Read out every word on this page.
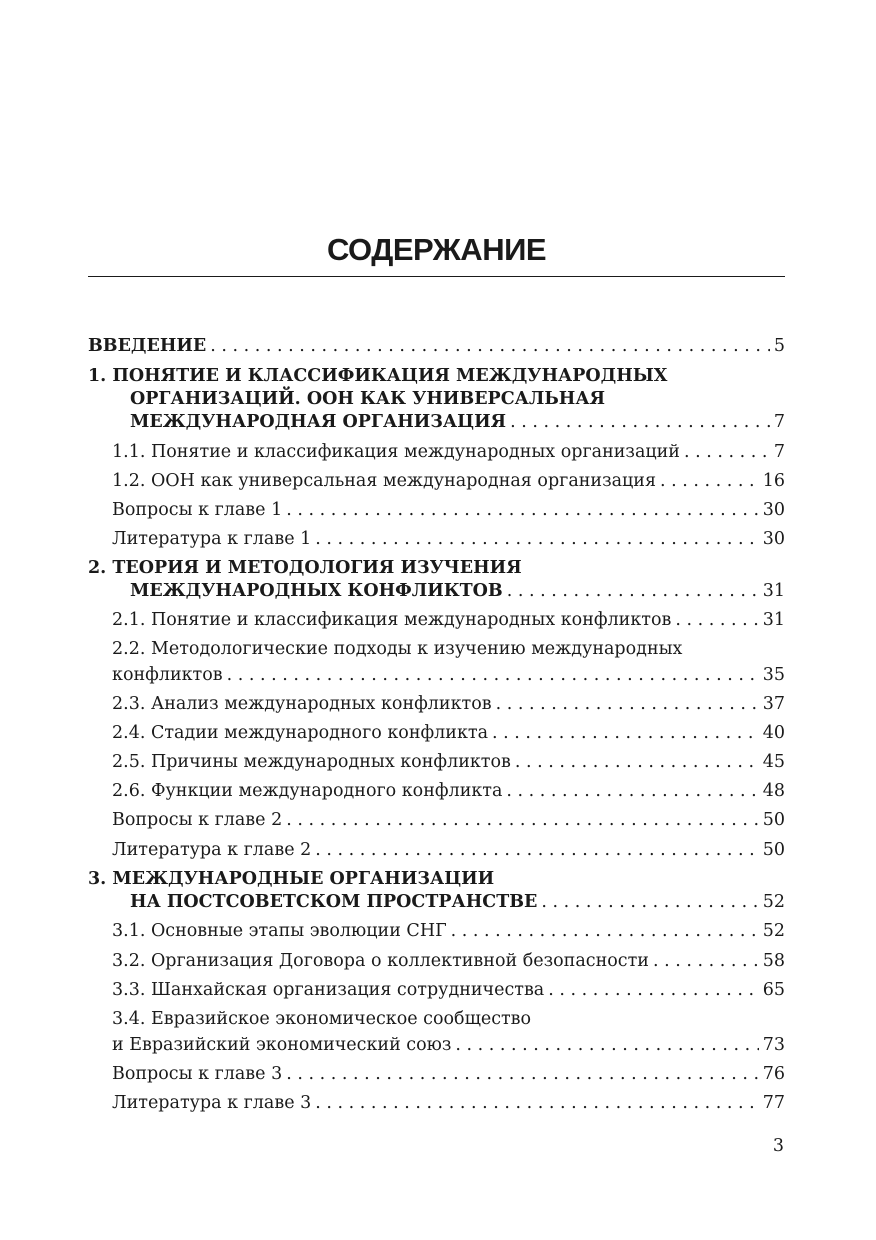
СОДЕРЖАНИЕ
ВВЕДЕНИЕ . . .	5
1. ПОНЯТИЕ И КЛАССИФИКАЦИЯ МЕЖДУНАРОДНЫХ
ОРГАНИЗАЦИЙ. ООН КАК УНИВЕРСАЛЬНАЯ
МЕЖДУНАРОДНАЯ ОРГАНИЗАЦИЯ . . .	7
1.1. Понятие и классификация международных организаций . . .	7
1.2. ООН как универсальная международная организация . . .	16
Вопросы к главе 1 . . .	30
Литература к главе 1 . . .	30
2. ТЕОРИЯ И МЕТОДОЛОГИЯ ИЗУЧЕНИЯ
МЕЖДУНАРОДНЫХ КОНФЛИКТОВ . . .	31
2.1. Понятие и классификация международных конфликтов . . .	31
2.2. Методологические подходы к изучению международных
конфликтов . . .	35
2.3. Анализ международных конфликтов . . .	37
2.4. Стадии международного конфликта . . .	40
2.5. Причины международных конфликтов . . .	45
2.6. Функции международного конфликта . . .	48
Вопросы к главе 2 . . .	50
Литература к главе 2 . . .	50
3. МЕЖДУНАРОДНЫЕ ОРГАНИЗАЦИИ
НА ПОСТСОВЕТСКОМ ПРОСТРАНСТВЕ . . .	52
3.1. Основные этапы эволюции СНГ . . .	52
3.2. Организация Договора о коллективной безопасности . . .	58
3.3. Шанхайская организация сотрудничества . . .	65
3.4. Евразийское экономическое сообщество
и Евразийский экономический союз . . .	73
Вопросы к главе 3 . . .	76
Литература к главе 3 . . .	77
3
